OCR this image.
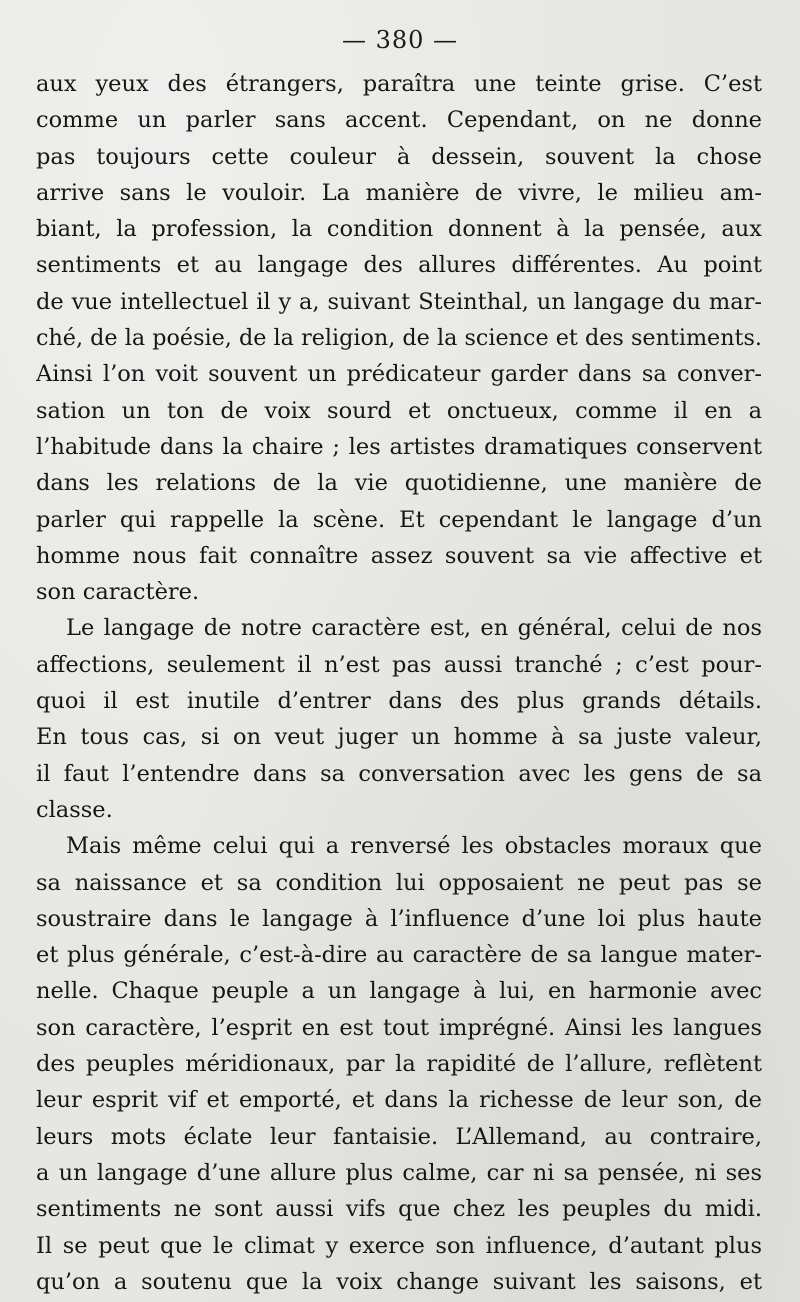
— 380 —
aux yeux des étrangers, paraîtra une teinte grise. C’est
comme un parler sans accent. Cependant, on ne donne
pas toujours cette couleur à dessein, souvent la chose
arrive sans le vouloir. La manière de vivre, le milieu am-
biant, la profession, la condition donnent à la pensée, aux
sentiments et au langage des allures différentes. Au point
de vue intellectuel il y a, suivant Steinthal, un langage du mar-
ché, de la poésie, de la religion, de la science et des sentiments.
Ainsi l’on voit souvent un prédicateur garder dans sa conver-
sation un ton de voix sourd et onctueux, comme il en a
l’habitude dans la chaire ; les artistes dramatiques conservent
dans les relations de la vie quotidienne, une manière de
parler qui rappelle la scène. Et cependant le langage d’un
homme nous fait connaître assez souvent sa vie affective et
son caractère.
Le langage de notre caractère est, en général, celui de nos
affections, seulement il n’est pas aussi tranché ; c’est pour-
quoi il est inutile d’entrer dans des plus grands détails.
En tous cas, si on veut juger un homme à sa juste valeur,
il faut l’entendre dans sa conversation avec les gens de sa
classe.
Mais même celui qui a renversé les obstacles moraux que
sa naissance et sa condition lui opposaient ne peut pas se
soustraire dans le langage à l’influence d’une loi plus haute
et plus générale, c’est-à-dire au caractère de sa langue mater-
nelle. Chaque peuple a un langage à lui, en harmonie avec
son caractère, l’esprit en est tout imprégné. Ainsi les langues
des peuples méridionaux, par la rapidité de l’allure, reflètent
leur esprit vif et emporté, et dans la richesse de leur son, de
leurs mots éclate leur fantaisie. L’Allemand, au contraire,
a un langage d’une allure plus calme, car ni sa pensée, ni ses
sentiments ne sont aussi vifs que chez les peuples du midi.
Il se peut que le climat y exerce son influence, d’autant plus
qu’on a soutenu que la voix change suivant les saisons, et
